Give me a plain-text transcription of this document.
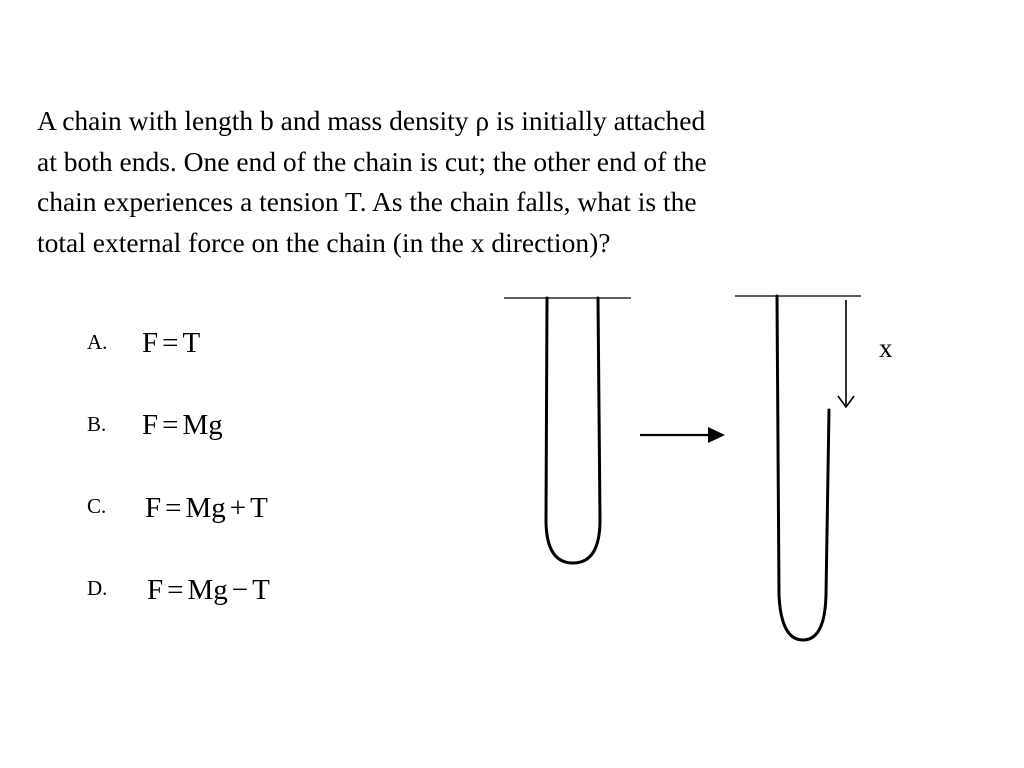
A chain with length b and mass density ρ is initially attached
at both ends. One end of the chain is cut; the other end of the
chain experiences a tension T. As the chain falls, what is the
total external force on the chain (in the x direction)?
A. F = T
B. F = Mg
C. F = Mg + T
D. F = Mg − T
x
